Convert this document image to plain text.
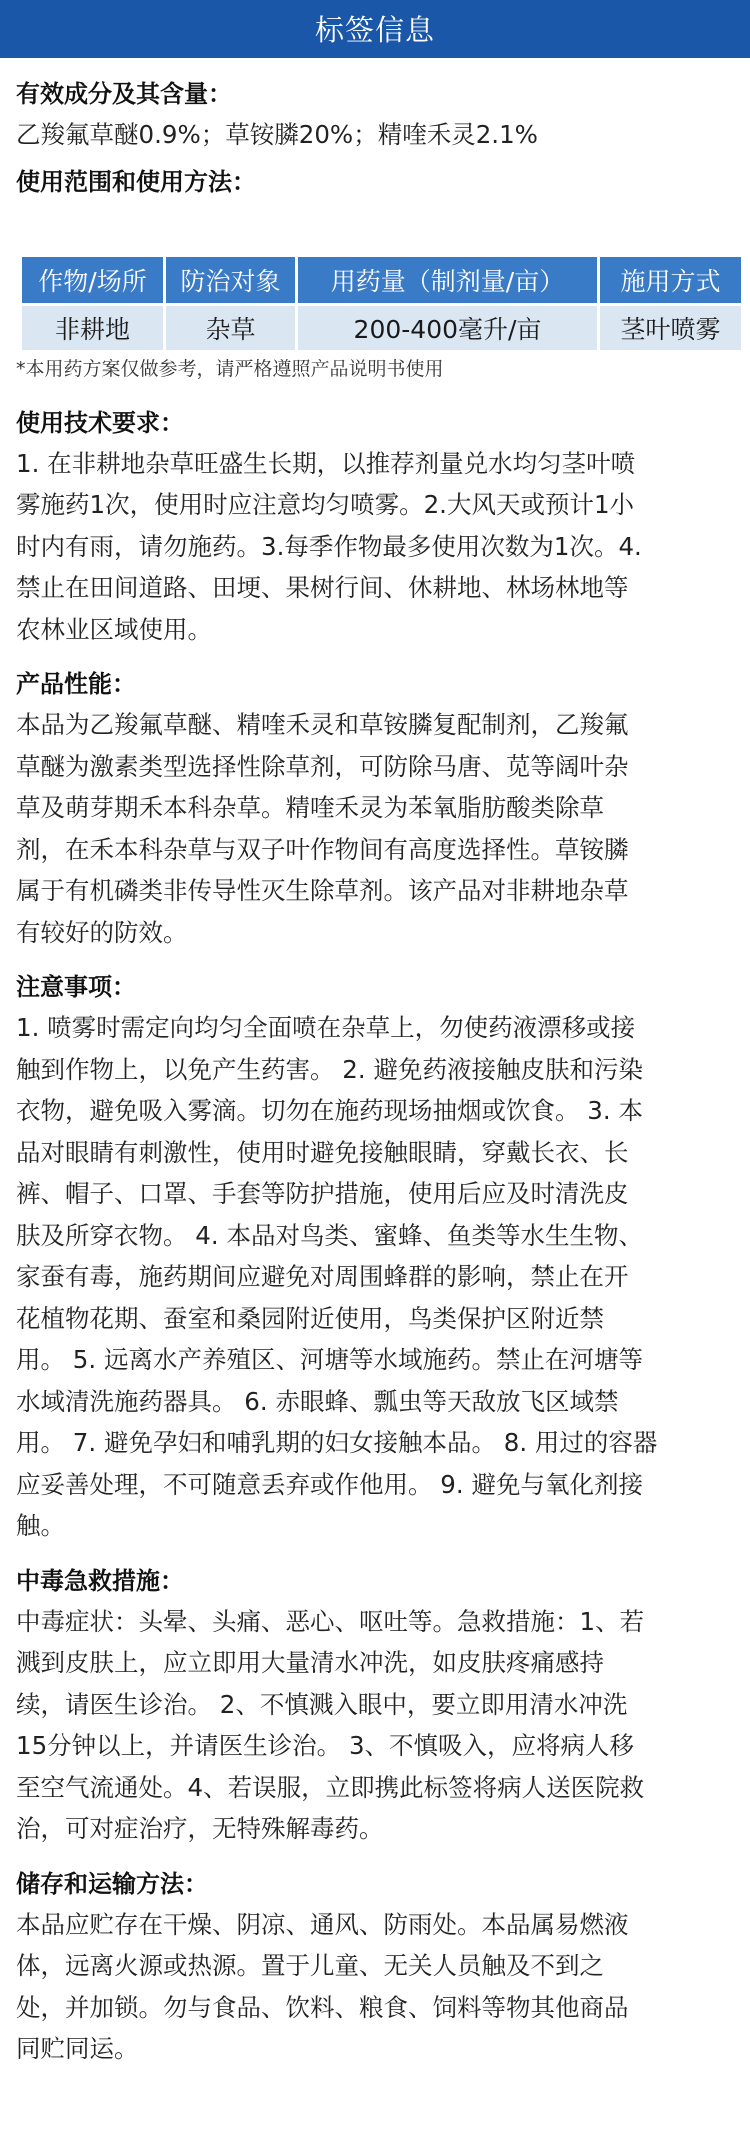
标签信息

有效成分及其含量：

乙羧氟草醚0.9%；草铵膦20%；精喹禾灵2.1%

使用范围和使用方法：

作物/场所	防治对象	用药量（制剂量/亩）	施用方式
非耕地	杂草	200-400毫升/亩	茎叶喷雾

*本用药方案仅做参考，请严格遵照产品说明书使用

使用技术要求：

1. 在非耕地杂草旺盛生长期，以推荐剂量兑水均匀茎叶喷
雾施药1次，使用时应注意均匀喷雾。2.大风天或预计1小
时内有雨，请勿施药。3.每季作物最多使用次数为1次。4.
禁止在田间道路、田埂、果树行间、休耕地、林场林地等
农林业区域使用。

产品性能：

本品为乙羧氟草醚、精喹禾灵和草铵膦复配制剂，乙羧氟
草醚为激素类型选择性除草剂，可防除马唐、苋等阔叶杂
草及萌芽期禾本科杂草。精喹禾灵为苯氧脂肪酸类除草
剂，在禾本科杂草与双子叶作物间有高度选择性。草铵膦
属于有机磷类非传导性灭生除草剂。该产品对非耕地杂草
有较好的防效。

注意事项：

1. 喷雾时需定向均匀全面喷在杂草上，勿使药液漂移或接
触到作物上，以免产生药害。 2. 避免药液接触皮肤和污染
衣物，避免吸入雾滴。切勿在施药现场抽烟或饮食。 3. 本
品对眼睛有刺激性，使用时避免接触眼睛，穿戴长衣、长
裤、帽子、口罩、手套等防护措施，使用后应及时清洗皮
肤及所穿衣物。 4. 本品对鸟类、蜜蜂、鱼类等水生生物、
家蚕有毒，施药期间应避免对周围蜂群的影响，禁止在开
花植物花期、蚕室和桑园附近使用，鸟类保护区附近禁
用。 5. 远离水产养殖区、河塘等水域施药。禁止在河塘等
水域清洗施药器具。 6. 赤眼蜂、瓢虫等天敌放飞区域禁
用。 7. 避免孕妇和哺乳期的妇女接触本品。 8. 用过的容器
应妥善处理，不可随意丢弃或作他用。 9. 避免与氧化剂接
触。

中毒急救措施：

中毒症状：头晕、头痛、恶心、呕吐等。急救措施：1、若
溅到皮肤上，应立即用大量清水冲洗，如皮肤疼痛感持
续，请医生诊治。 2、不慎溅入眼中，要立即用清水冲洗
15分钟以上，并请医生诊治。 3、不慎吸入，应将病人移
至空气流通处。4、若误服，立即携此标签将病人送医院救
治，可对症治疗，无特殊解毒药。

储存和运输方法：

本品应贮存在干燥、阴凉、通风、防雨处。本品属易燃液
体，远离火源或热源。置于儿童、无关人员触及不到之
处，并加锁。勿与食品、饮料、粮食、饲料等物其他商品
同贮同运。
